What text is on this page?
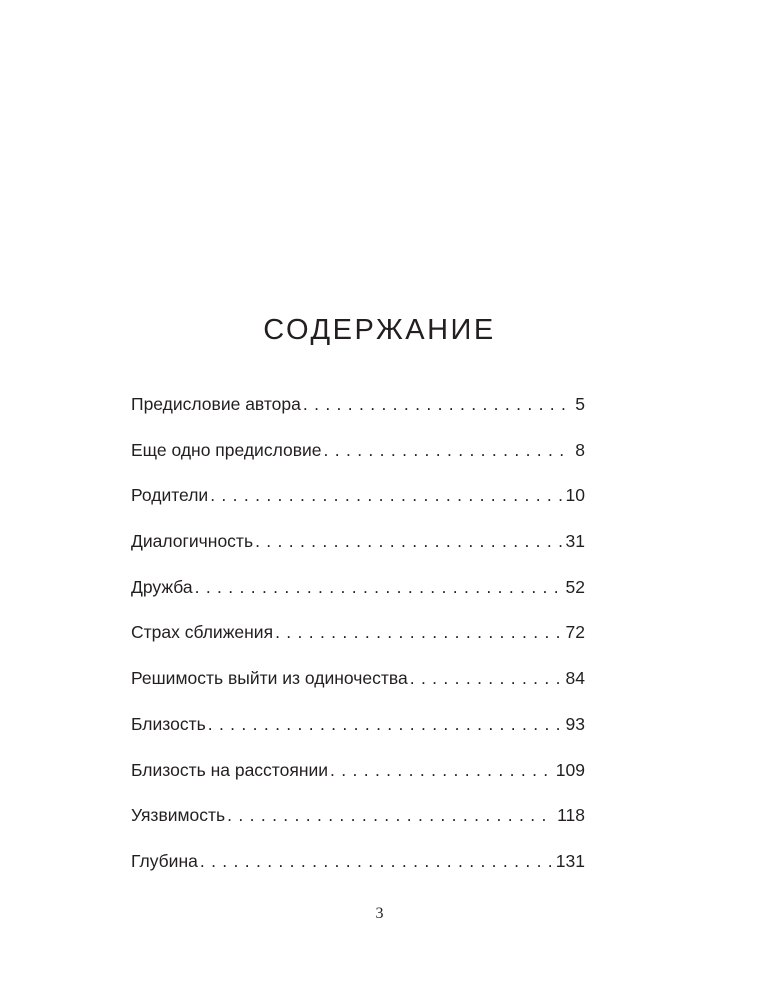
СОДЕРЖАНИЕ
Предисловие автора . . .	5
Еще одно предисловие . . .	8
Родители . . .	10
Диалогичность . . .	31
Дружба . . .	52
Страх сближения . . .	72
Решимость выйти из одиночества . . .	84
Близость . . .	93
Близость на расстоянии . . .	109
Уязвимость . . .	118
Глубина . . .	131
3
